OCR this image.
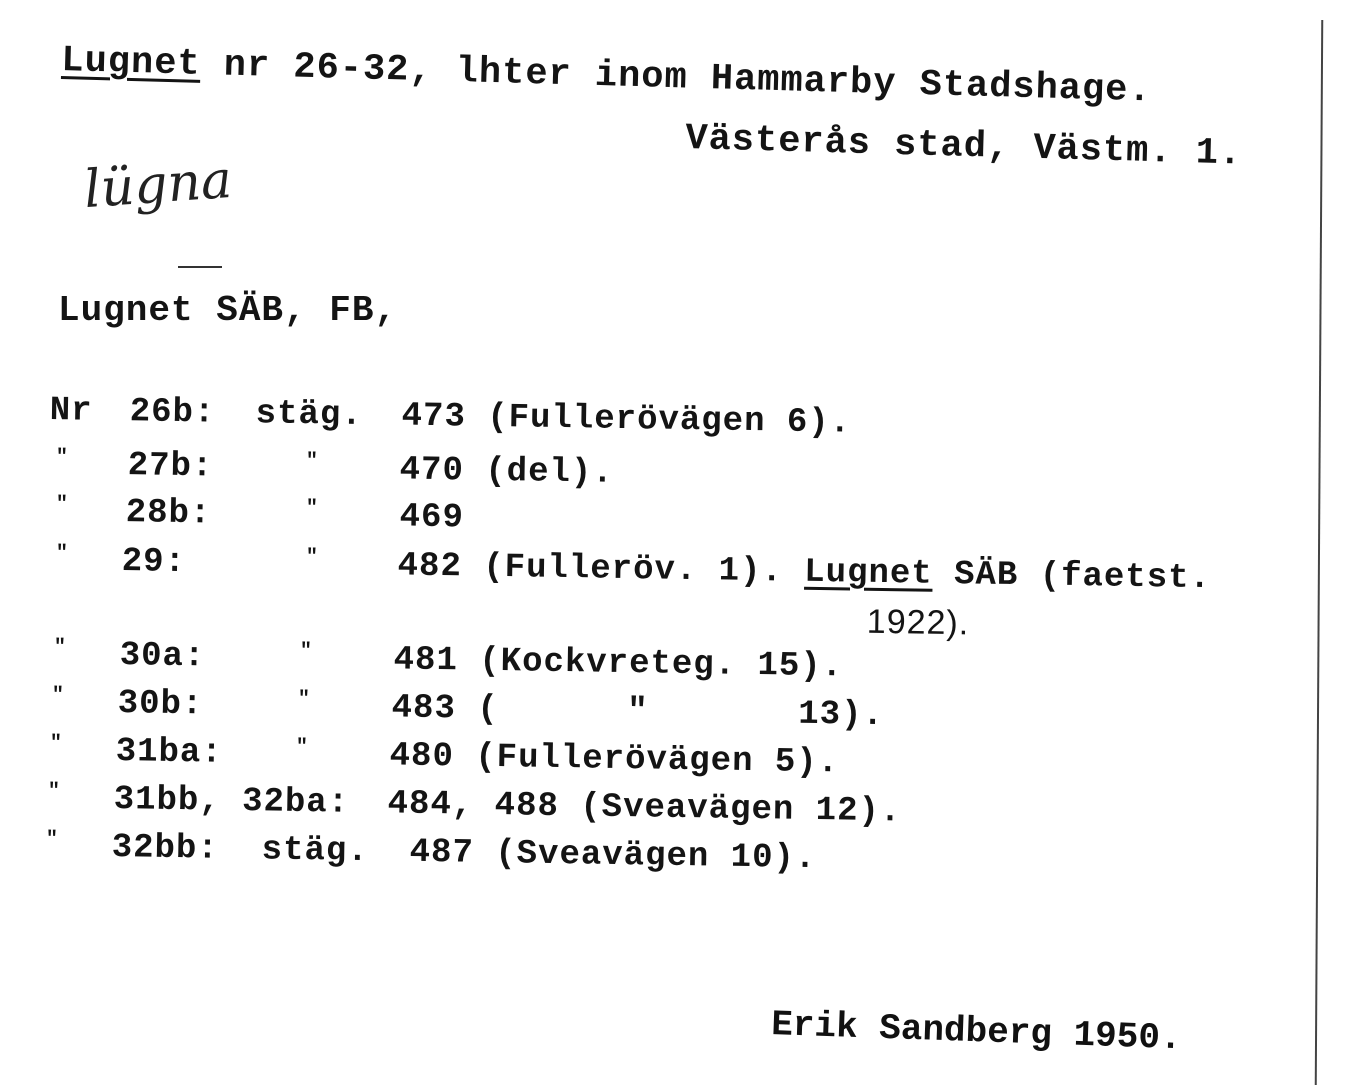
Lugnet nr 26-32, lhter inom Hammarby Stadshage.
Västerås stad, Västm. 1.
lügna
Lugnet SÄB, FB,
Nr 26b: stäg. 473 (Fullerövägen 6).
" 27b:	" 470 (del).
" 28b:	" 469
" 29:	" 482 (Fulleröv. 1). Lugnet SÄB (faetst.
1922).
" 30a:	" 481 (Kockvreteg. 15).
" 30b:	" 483 (      "       13).
" 31ba:	" 480 (Fullerövägen 5).
" 31bb, 32ba: 484, 488 (Sveavägen 12).
" 32bb: stäg. 487 (Sveavägen 10).
Erik Sandberg 1950.
